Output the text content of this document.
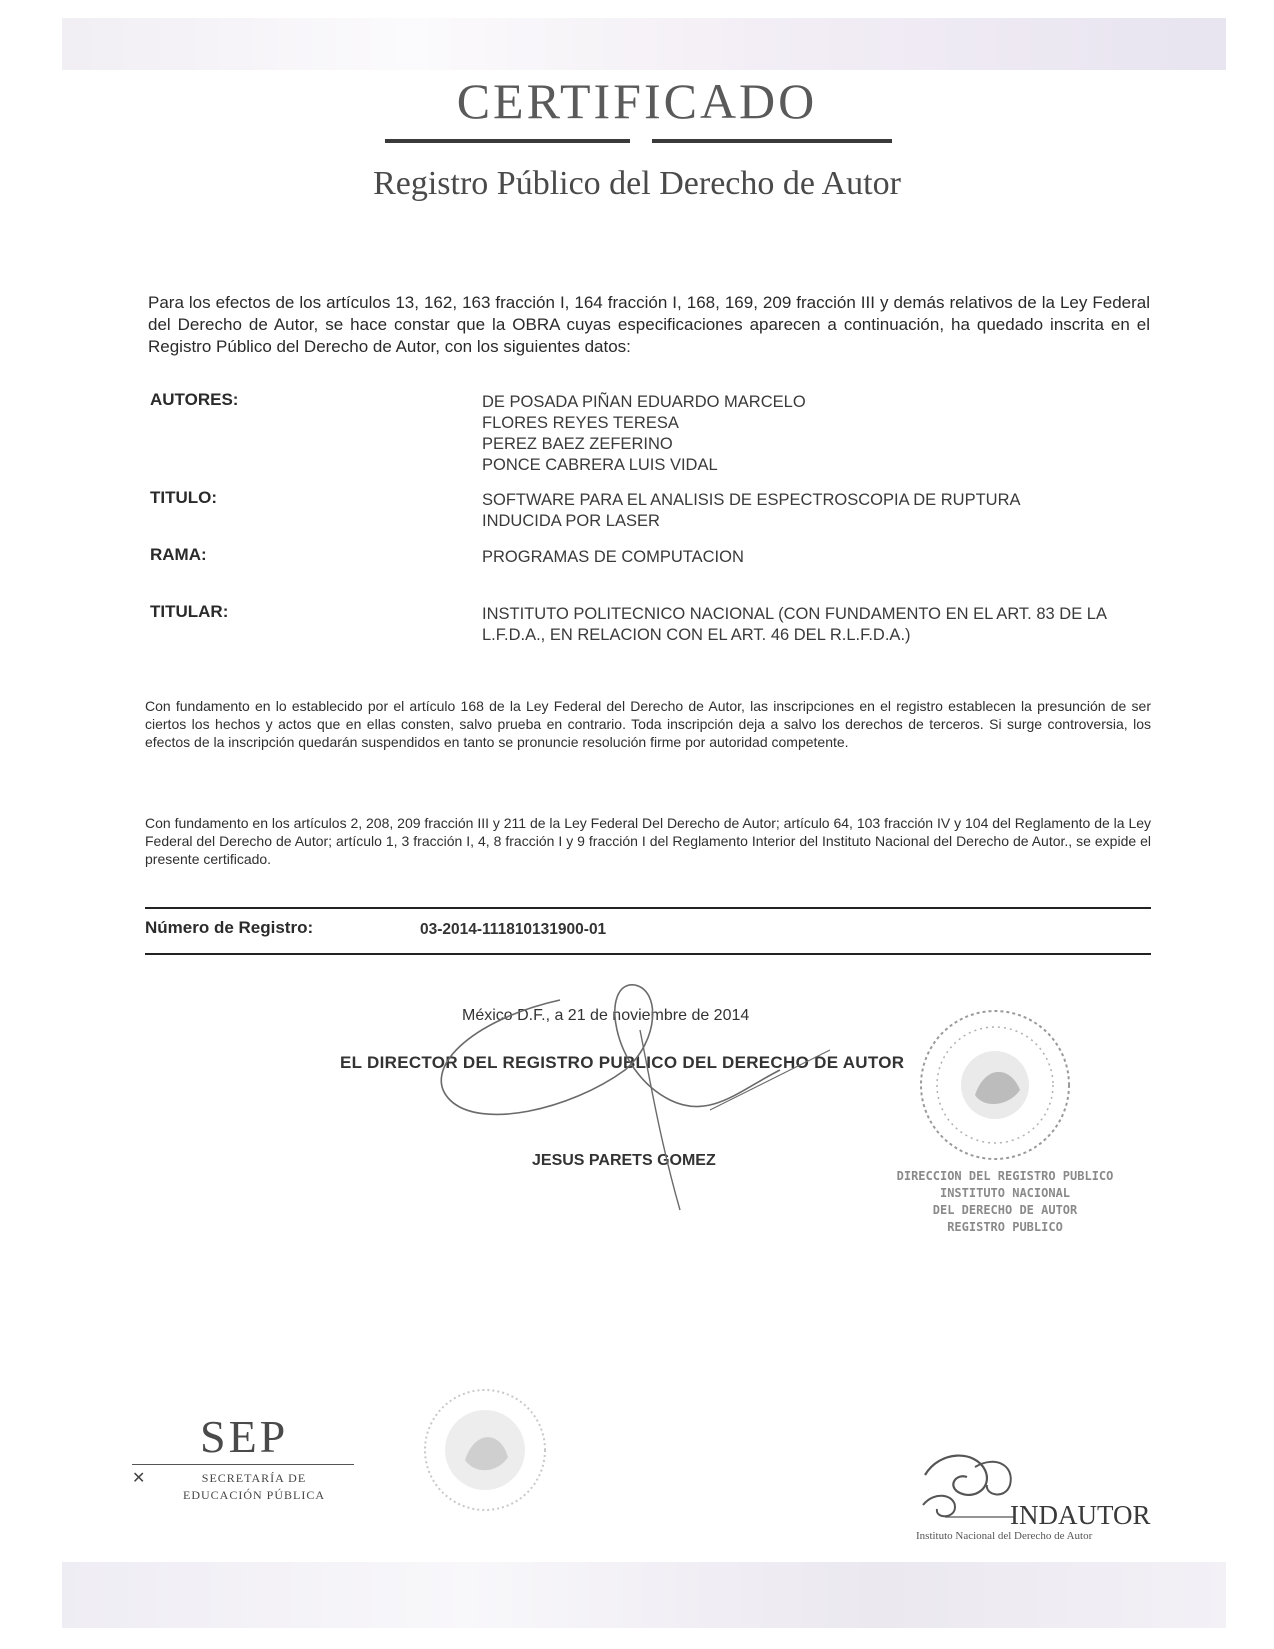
CERTIFICADO
Registro Público del Derecho de Autor
Para los efectos de los artículos 13, 162, 163 fracción I, 164 fracción I, 168, 169, 209 fracción III y demás relativos de la Ley Federal del Derecho de Autor, se hace constar que la OBRA cuyas especificaciones aparecen a continuación, ha quedado inscrita en el Registro Público del Derecho de Autor, con los siguientes datos:
AUTORES:	DE POSADA PIÑAN EDUARDO MARCELO
FLORES REYES TERESA
PEREZ BAEZ ZEFERINO
PONCE CABRERA LUIS VIDAL
TITULO:	SOFTWARE PARA EL ANALISIS DE ESPECTROSCOPIA DE RUPTURA INDUCIDA POR LASER
RAMA:	PROGRAMAS DE COMPUTACION
TITULAR:	INSTITUTO POLITECNICO NACIONAL (CON FUNDAMENTO EN EL ART. 83 DE LA L.F.D.A., EN RELACION CON EL ART. 46 DEL R.L.F.D.A.)
Con fundamento en lo establecido por el artículo 168 de la Ley Federal del Derecho de Autor, las inscripciones en el registro establecen la presunción de ser ciertos los hechos y actos que en ellas consten, salvo prueba en contrario. Toda inscripción deja a salvo los derechos de terceros. Si surge controversia, los efectos de la inscripción quedarán suspendidos en tanto se pronuncie resolución firme por autoridad competente.
Con fundamento en los artículos 2, 208, 209 fracción III y 211 de la Ley Federal Del Derecho de Autor; artículo 64, 103 fracción IV y 104 del Reglamento de la Ley Federal del Derecho de Autor; artículo 1, 3 fracción I, 4, 8 fracción I y 9 fracción I del Reglamento Interior del Instituto Nacional del Derecho de Autor., se expide el presente certificado.
Número de Registro:	03-2014-111810131900-01
México D.F., a 21 de noviembre de 2014
EL DIRECTOR DEL REGISTRO PUBLICO DEL DERECHO DE AUTOR
JESUS PARETS GOMEZ
DIRECCION DEL REGISTRO PUBLICO
INSTITUTO NACIONAL
DEL DERECHO DE AUTOR
REGISTRO PUBLICO
SEP
✕	SECRETARÍA DE
EDUCACIÓN PÚBLICA
INDAUTOR
Instituto Nacional del Derecho de Autor
